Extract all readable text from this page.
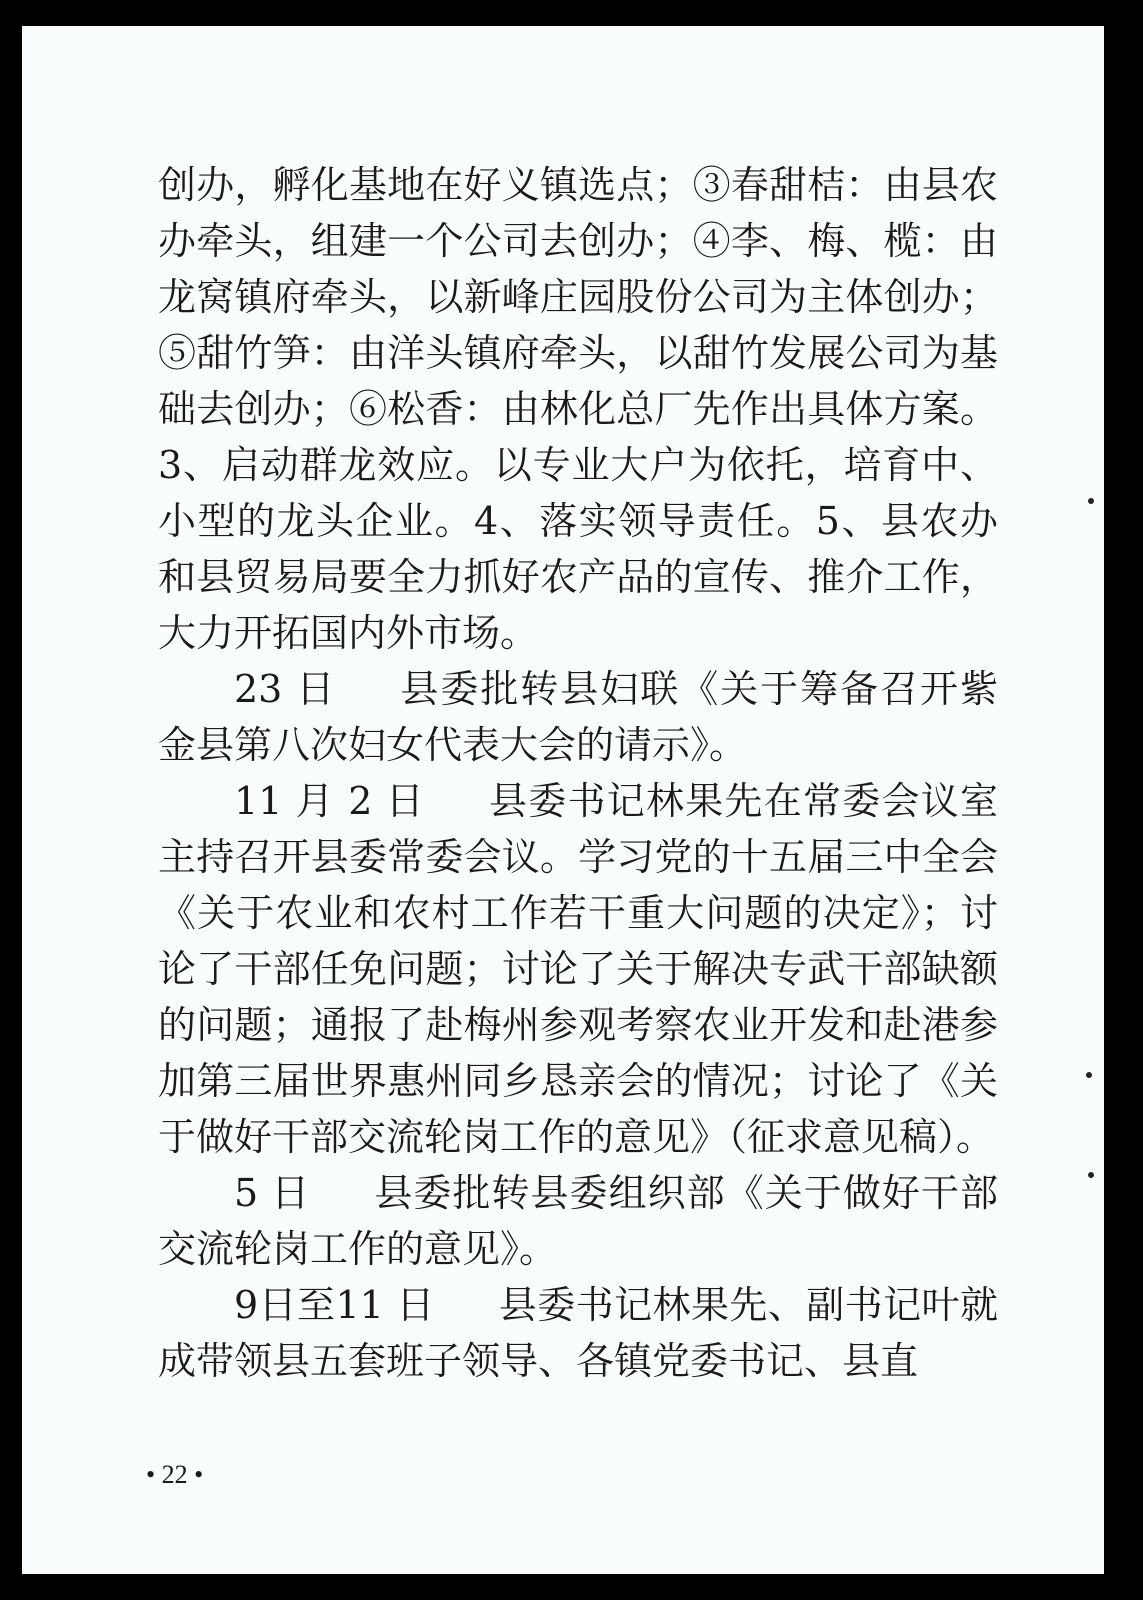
创办，孵化基地在好义镇选点；③春甜桔：由县农办牵头，组建一个公司去创办；④李、梅、榄：由龙窝镇府牵头，以新峰庄园股份公司为主体创办；⑤甜竹笋：由洋头镇府牵头，以甜竹发展公司为基础去创办；⑥松香：由林化总厂先作出具体方案。3、启动群龙效应。以专业大户为依托，培育中、小型的龙头企业。4、落实领导责任。5、县农办和县贸易局要全力抓好农产品的宣传、推介工作，大力开拓国内外市场。

23 日 县委批转县妇联《关于筹备召开紫金县第八次妇女代表大会的请示》。

11 月 2 日 县委书记林果先在常委会议室主持召开县委常委会议。学习党的十五届三中全会《关于农业和农村工作若干重大问题的决定》；讨论了干部任免问题；讨论了关于解决专武干部缺额的问题；通报了赴梅州参观考察农业开发和赴港参加第三届世界惠州同乡恳亲会的情况；讨论了《关于做好干部交流轮岗工作的意见》（征求意见稿）。

5 日 县委批转县委组织部《关于做好干部交流轮岗工作的意见》。

9日至11 日 县委书记林果先、副书记叶就成带领县五套班子领导、各镇党委书记、县直

• 22 •
